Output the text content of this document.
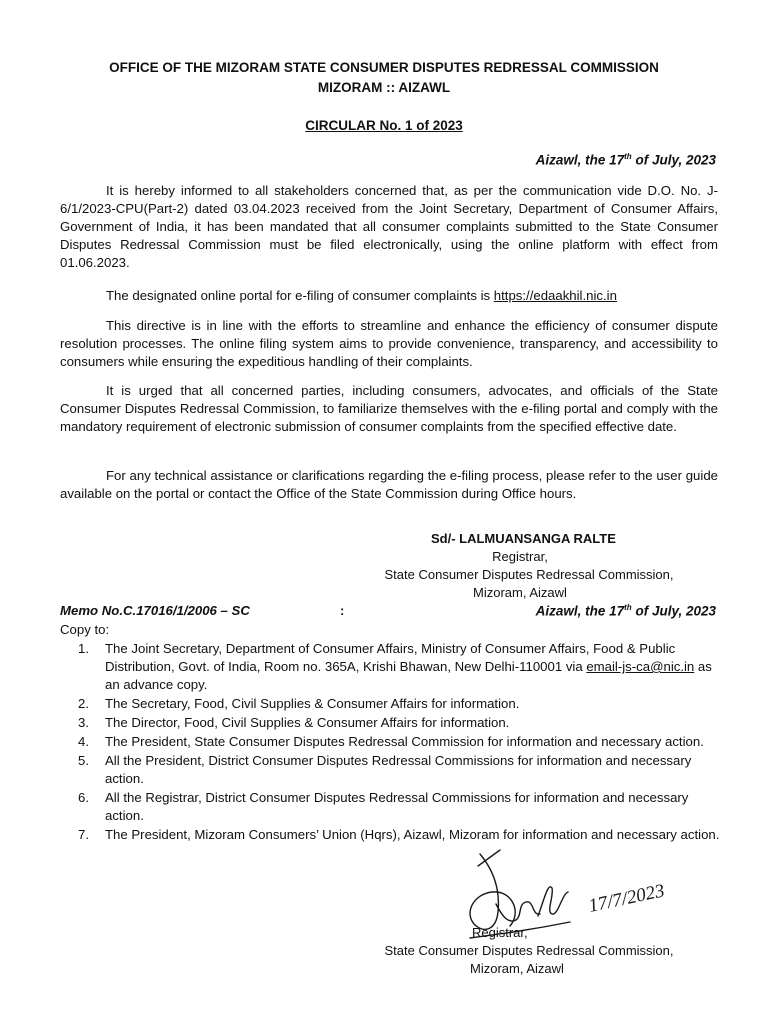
OFFICE OF THE MIZORAM STATE CONSUMER DISPUTES REDRESSAL COMMISSION
MIZORAM :: AIZAWL
CIRCULAR No. 1 of 2023
Aizawl, the 17th of July, 2023
It is hereby informed to all stakeholders concerned that, as per the communication vide D.O. No. J-6/1/2023-CPU(Part-2) dated 03.04.2023 received from the Joint Secretary, Department of Consumer Affairs, Government of India, it has been mandated that all consumer complaints submitted to the State Consumer Disputes Redressal Commission must be filed electronically, using the online platform with effect from 01.06.2023.
The designated online portal for e-filing of consumer complaints is https://edaakhil.nic.in
This directive is in line with the efforts to streamline and enhance the efficiency of consumer dispute resolution processes. The online filing system aims to provide convenience, transparency, and accessibility to consumers while ensuring the expeditious handling of their complaints.
It is urged that all concerned parties, including consumers, advocates, and officials of the State Consumer Disputes Redressal Commission, to familiarize themselves with the e-filing portal and comply with the mandatory requirement of electronic submission of consumer complaints from the specified effective date.
For any technical assistance or clarifications regarding the e-filing process, please refer to the user guide available on the portal or contact the Office of the State Commission during Office hours.
Sd/- LALMUANSANGA RALTE
Registrar,
State Consumer Disputes Redressal Commission,
Mizoram, Aizawl
Memo No.C.17016/1/2006 – SC	:	Aizawl, the 17th of July, 2023
Copy to:
1.	The Joint Secretary, Department of Consumer Affairs, Ministry of Consumer Affairs, Food & Public Distribution, Govt. of India, Room no. 365A, Krishi Bhawan, New Delhi-110001 via email-js-ca@nic.in as an advance copy.
2.	The Secretary, Food, Civil Supplies & Consumer Affairs for information.
3.	The Director, Food, Civil Supplies & Consumer Affairs for information.
4.	The President, State Consumer Disputes Redressal Commission for information and necessary action.
5.	All the President, District Consumer Disputes Redressal Commissions for information and necessary action.
6.	All the Registrar, District Consumer Disputes Redressal Commissions for information and necessary action.
7.	The President, Mizoram Consumers’ Union (Hqrs), Aizawl, Mizoram for information and necessary action.
17/7/2023
Registrar,
State Consumer Disputes Redressal Commission,
Mizoram, Aizawl
